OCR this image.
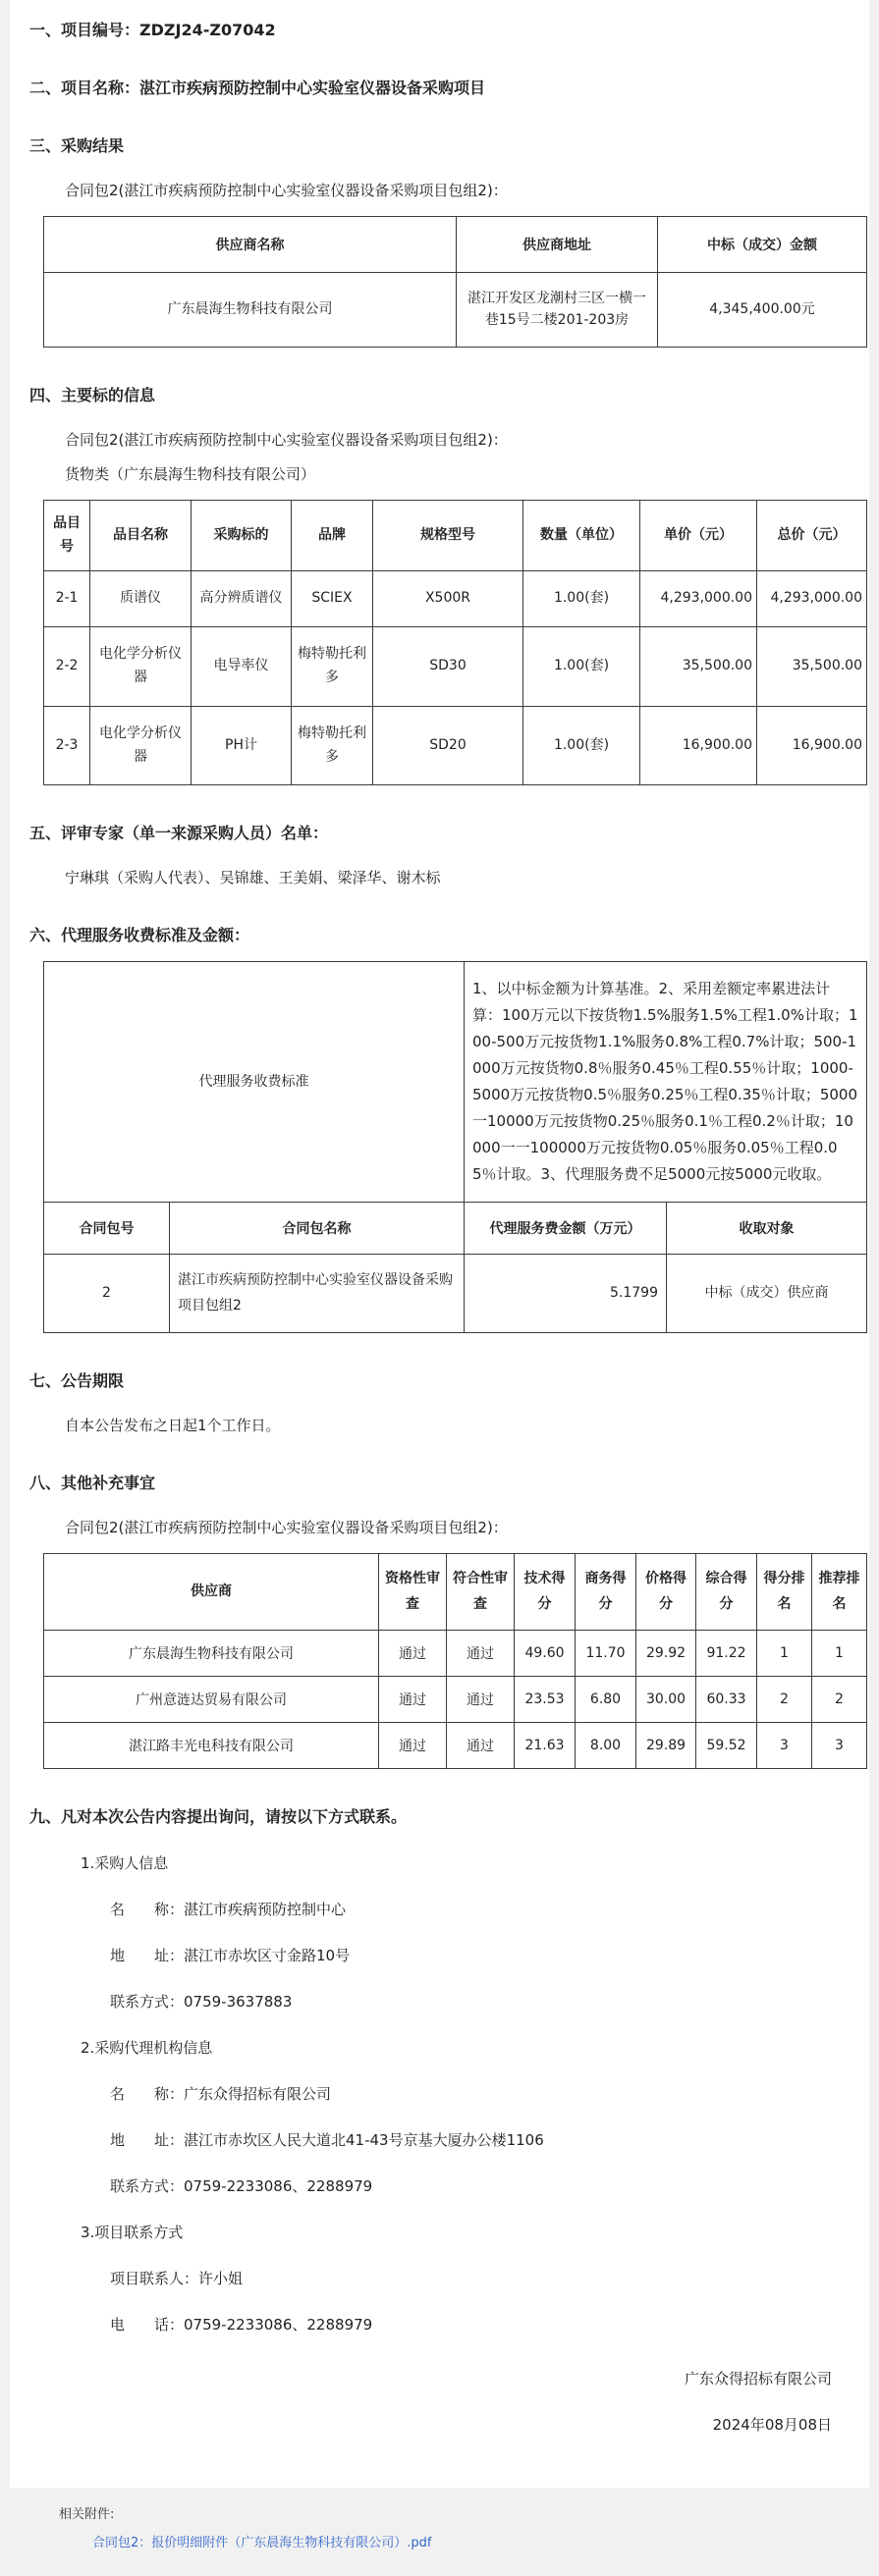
一、项目编号：ZDZJ24-Z07042
二、项目名称：湛江市疾病预防控制中心实验室仪器设备采购项目
三、采购结果
合同包2(湛江市疾病预防控制中心实验室仪器设备采购项目包组2)：
供应商名称	供应商地址	中标（成交）金额
广东晨海生物科技有限公司	湛江开发区龙潮村三区一横一巷15号二楼201-203房	4,345,400.00元
四、主要标的信息
合同包2(湛江市疾病预防控制中心实验室仪器设备采购项目包组2)：
货物类（广东晨海生物科技有限公司）
品目号	品目名称	采购标的	品牌	规格型号	数量（单位）	单价（元）	总价（元）
2-1	质谱仪	高分辨质谱仪	SCIEX	X500R	1.00(套)	4,293,000.00	4,293,000.00
2-2	电化学分析仪器	电导率仪	梅特勒托利多	SD30	1.00(套)	35,500.00	35,500.00
2-3	电化学分析仪器	PH计	梅特勒托利多	SD20	1.00(套)	16,900.00	16,900.00
五、评审专家（单一来源采购人员）名单：
宁琳琪（采购人代表）、吴锦雄、王美娟、梁泽华、谢木标
六、代理服务收费标准及金额：
代理服务收费标准		1、以中标金额为计算基准。2、采用差额定率累进法计算：100万元以下按货物1.5%服务1.5%工程1.0%计取；100-500万元按货物1.1%服务0.8%工程0.7%计取；500-1000万元按货物0.8％服务0.45％工程0.55％计取；1000-5000万元按货物0.5％服务0.25％工程0.35％计取；5000一10000万元按货物0.25％服务0.1％工程0.2％计取；10000一一100000万元按货物0.05％服务0.05％工程0.05％计取。3、代理服务费不足5000元按5000元收取。	
合同包号	合同包名称	代理服务费金额（万元）	收取对象
2	湛江市疾病预防控制中心实验室仪器设备采购项目包组2	5.1799	中标（成交）供应商
七、公告期限
自本公告发布之日起1个工作日。
八、其他补充事宜
合同包2(湛江市疾病预防控制中心实验室仪器设备采购项目包组2)：
供应商	资格性审查	符合性审查	技术得分	商务得分	价格得分	综合得分	得分排名	推荐排名
广东晨海生物科技有限公司	通过	通过	49.60	11.70	29.92	91.22	1	1
广州意涟达贸易有限公司	通过	通过	23.53	6.80	30.00	60.33	2	2
湛江路丰光电科技有限公司	通过	通过	21.63	8.00	29.89	59.52	3	3
九、凡对本次公告内容提出询问，请按以下方式联系。
1.采购人信息
名　　称：湛江市疾病预防控制中心
地　　址：湛江市赤坎区寸金路10号
联系方式：0759-3637883
2.采购代理机构信息
名　　称：广东众得招标有限公司
地　　址：湛江市赤坎区人民大道北41-43号京基大厦办公楼1106
联系方式：0759-2233086、2288979
3.项目联系方式
项目联系人：许小姐
电　　话：0759-2233086、2288979
广东众得招标有限公司
2024年08月08日
相关附件:
合同包2：报价明细附件（广东晨海生物科技有限公司）.pdf
